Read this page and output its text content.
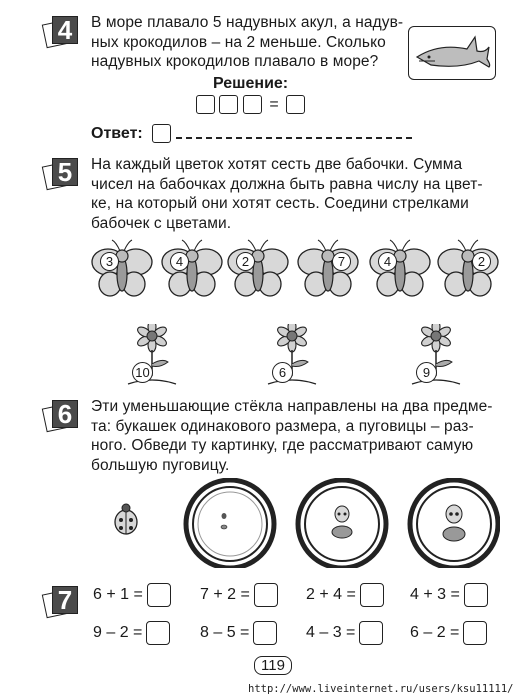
4	В море плавало 5 надувных акул, а надув-
ных крокодилов – на 2 меньше. Сколько
надувных крокодилов плавало в море?
Решение:
=
Ответ:
5	На каждый цветок хотят сесть две бабочки. Сумма
чисел на бабочках должна быть равна числу на цвет-
ке, на который они хотят сесть. Соедини стрелками
бабочек с цветами.
3	4	2	7	4	2
10	6	9
6	Эти уменьшающие стёкла направлены на два предме-
та: букашек одинакового размера, а пуговицы – раз-
ного. Обведи ту картинку, где рассматривают самую
большую пуговицу.
7	6 + 1 =	7 + 2 =	2 + 4 =	4 + 3 =
9 – 2 =	8 – 5 =	4 – 3 =	6 – 2 =
119
http://www.liveinternet.ru/users/ksu11111/
